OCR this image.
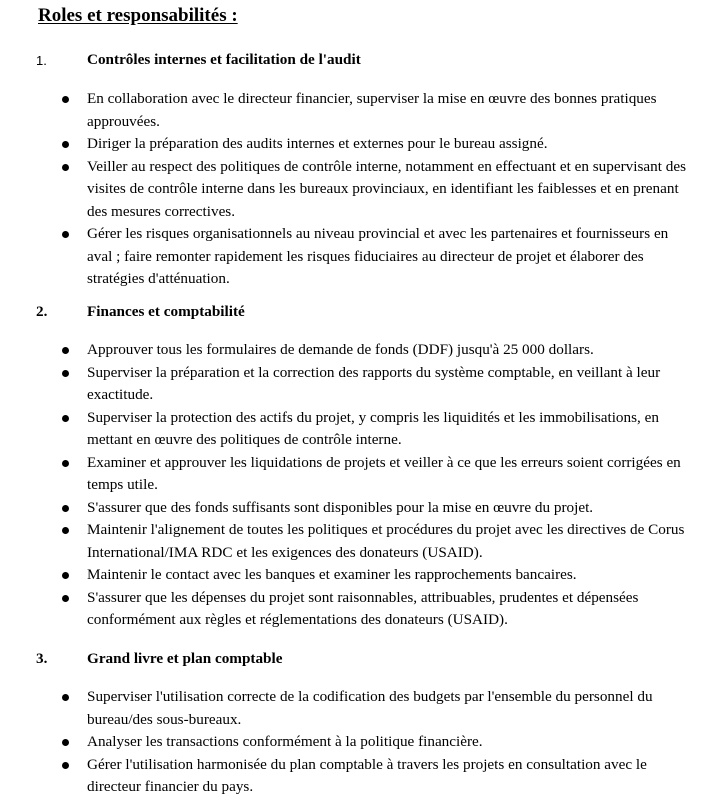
Roles et responsabilités :
1.	Contrôles internes et facilitation de l'audit
En collaboration avec le directeur financier, superviser la mise en œuvre des bonnes pratiques approuvées.
Diriger la préparation des audits internes et externes pour le bureau assigné.
Veiller au respect des politiques de contrôle interne, notamment en effectuant et en supervisant des visites de contrôle interne dans les bureaux provinciaux, en identifiant les faiblesses et en prenant des mesures correctives.
Gérer les risques organisationnels au niveau provincial et avec les partenaires et fournisseurs en aval ; faire remonter rapidement les risques fiduciaires au directeur de projet et élaborer des stratégies d'atténuation.
2.	Finances et comptabilité
Approuver tous les formulaires de demande de fonds (DDF) jusqu'à 25 000 dollars.
Superviser la préparation et la correction des rapports du système comptable, en veillant à leur exactitude.
Superviser la protection des actifs du projet, y compris les liquidités et les immobilisations, en mettant en œuvre des politiques de contrôle interne.
Examiner et approuver les liquidations de projets et veiller à ce que les erreurs soient corrigées en temps utile.
S'assurer que des fonds suffisants sont disponibles pour la mise en œuvre du projet.
Maintenir l'alignement de toutes les politiques et procédures du projet avec les directives de Corus International/IMA RDC et les exigences des donateurs (USAID).
Maintenir le contact avec les banques et examiner les rapprochements bancaires.
S'assurer que les dépenses du projet sont raisonnables, attribuables, prudentes et dépensées conformément aux règles et réglementations des donateurs (USAID).
3.	Grand livre et plan comptable
Superviser l'utilisation correcte de la codification des budgets par l'ensemble du personnel du bureau/des sous-bureaux.
Analyser les transactions conformément à la politique financière.
Gérer l'utilisation harmonisée du plan comptable à travers les projets en consultation avec le directeur financier du pays.
